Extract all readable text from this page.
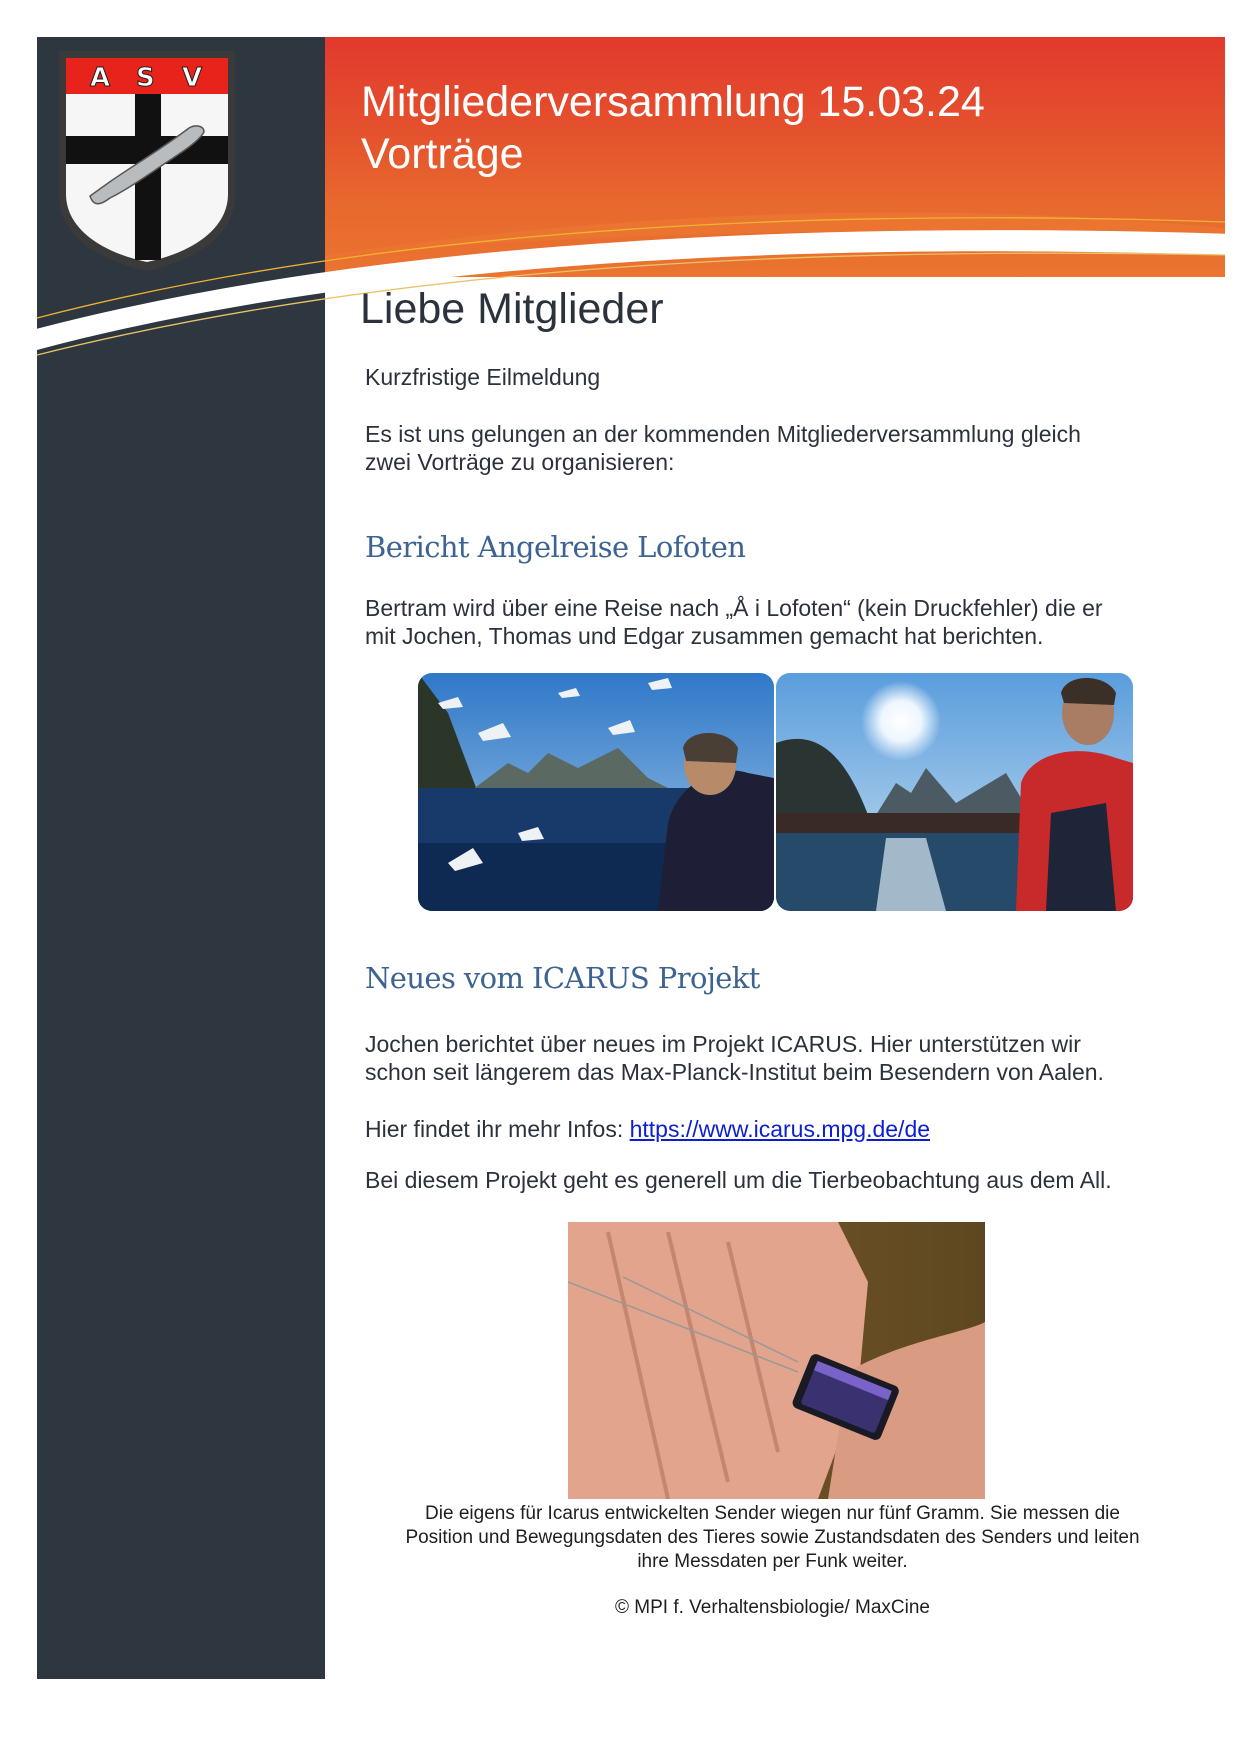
A S V	Mitgliederversammlung 15.03.24
Vorträge
Liebe Mitglieder

Kurzfristige Eilmeldung

Es ist uns gelungen an der kommenden Mitgliederversammlung gleich

zwei Vorträge zu organisieren:

Bericht Angelreise Lofoten

Bertram wird über eine Reise nach „Å i Lofoten“ (kein Druckfehler) die er

mit Jochen, Thomas und Edgar zusammen gemacht hat berichten.

Neues vom ICARUS Projekt

Jochen berichtet über neues im Projekt ICARUS. Hier unterstützen wir

schon seit längerem das Max-Planck-Institut beim Besendern von Aalen.

Hier findet ihr mehr Infos: https://www.icarus.mpg.de/de

Bei diesem Projekt geht es generell um die Tierbeobachtung aus dem All.

Die eigens für Icarus entwickelten Sender wiegen nur fünf Gramm. Sie messen die
Position und Bewegungsdaten des Tieres sowie Zustandsdaten des Senders und leiten
ihre Messdaten per Funk weiter.
© MPI f. Verhaltensbiologie/ MaxCine
